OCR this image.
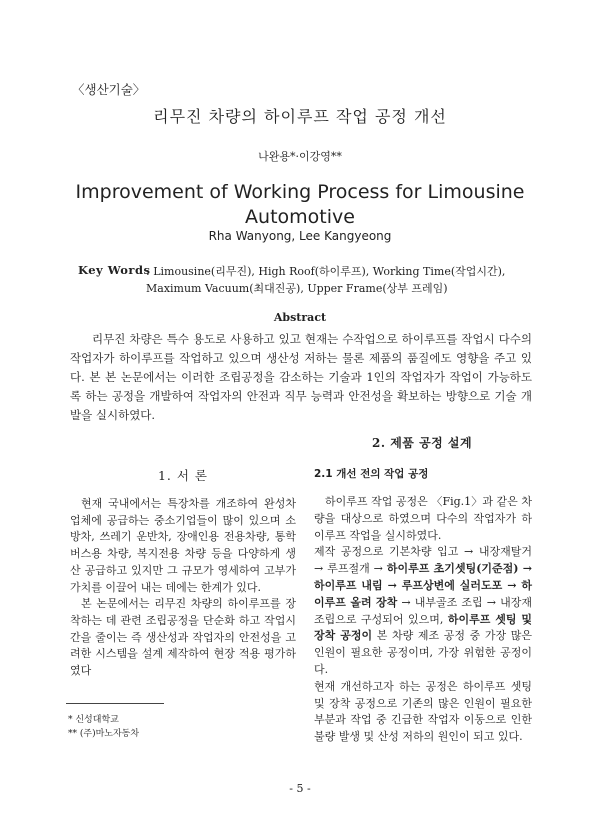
〈생산기술〉
리무진 차량의 하이루프 작업 공정 개선
나완용*·이강영**
Improvement of Working Process for Limousine
Automotive
Rha Wanyong, Lee Kangyeong
Key Words
: Limousine(리무진), High Roof(하이루프), Working Time(작업시간), Maximum Vacuum(최대진공), Upper Frame(상부 프레임)
Abstract
리무진 차량은 특수 용도로 사용하고 있고 현재는 수작업으로 하이루프를 작업시 다수의 작업자가 하이루프를 작업하고 있으며 생산성 저하는 물론 제품의 품질에도 영향을 주고 있다. 본 본 논문에서는 이러한 조립공정을 감소하는 기술과 1인의 작업자가 작업이 가능하도록 하는 공정을 개발하여 작업자의 안전과 직무 능력과 안전성을 확보하는 방향으로 기술 개발을 실시하였다.
2. 제품 공정 설계
1. 서 론	2.1 개선 전의 작업 공정

현재 국내에서는 특장차를 개조하여 완성차 업체에 공급하는 중소기업들이 많이 있으며 소방차, 쓰레기 운반차, 장애인용 전용차량, 통학 버스용 차량, 복지전용 차량 등을 다양하게 생산 공급하고 있지만 그 규모가 영세하여 고부가 가치를 이끌어 내는 데에는 한계가 있다.

본 논문에서는 리무진 차량의 하이루프를 장착하는 데 관련 조립공정을 단순화 하고 작업시간을 줄이는 즉 생산성과 작업자의 안전성을 고려한 시스템을 설계 제작하여 현장 적용 평가하였다

하이루프 작업 공정은 〈Fig.1〉과 같은 차량을 대상으로 하였으며 다수의 작업자가 하이루프 작업을 실시하였다.

제작 공정으로 기본차량 입고 → 내장재탈거 → 루프절개 → 하이루프 초기셋팅(기준점) → 하이루프 내림 → 루프상변에 실러도포 → 하이루프 올려 장착 → 내부골조 조립 → 내장재 조립으로 구성되어 있으며, 하이루프 셋팅 및 장착 공정이 본 차량 제조 공정 중 가장 많은 인원이 필요한 공정이며, 가장 위험한 공정이다.

현재 개선하고자 하는 공정은 하이루프 셋팅 및 장착 공정으로 기존의 많은 인원이 필요한 부분과 작업 중 긴급한 작업자 이동으로 인한 불량 발생 및 산성 저하의 원인이 되고 있다.

* 신성대학교
** (주)마노자동차
- 5 -
